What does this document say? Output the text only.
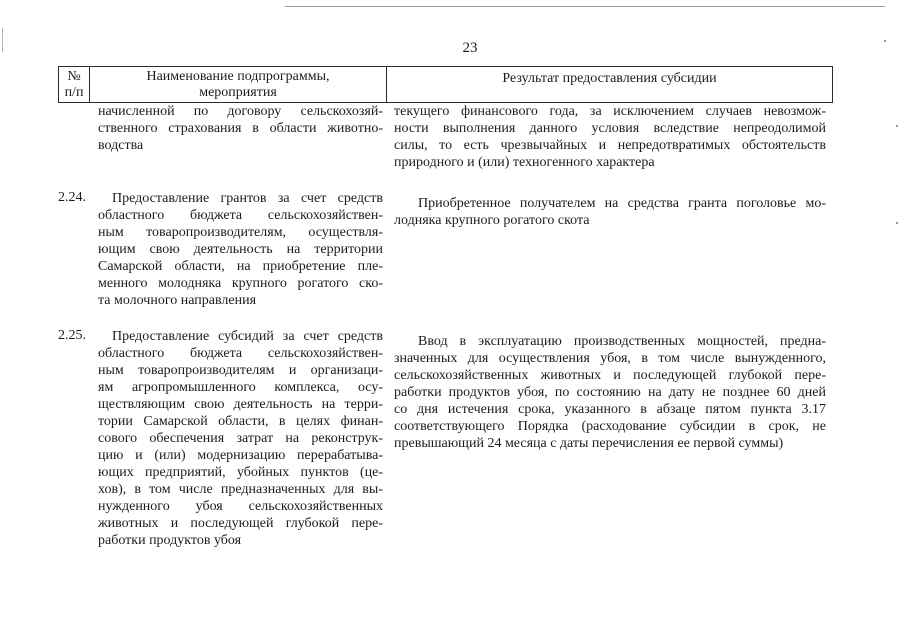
23
№
п/п
Наименование подпрограммы,
мероприятия
Результат предоставления субсидии
начисленной по договору сельскохозяй-
ственного страхования в области животно-
водства
текущего финансового года, за исключением случаев невозмож-
ности выполнения данного условия вследствие непреодолимой
силы, то есть чрезвычайных и непредотвратимых обстоятельств
природного и (или) техногенного характера
2.24.	Предоставление грантов за счет средств
областного бюджета сельскохозяйствен-
ным товаропроизводителям, осуществля-
ющим свою деятельность на территории
Самарской области, на приобретение пле-
менного молодняка крупного рогатого ско-
та молочного направления
Приобретенное получателем на средства гранта поголовье мо-
лодняка крупного рогатого скота
2.25.	Предоставление субсидий за счет средств
областного бюджета сельскохозяйствен-
ным товаропроизводителям и организаци-
ям агропромышленного комплекса, осу-
ществляющим свою деятельность на терри-
тории Самарской области, в целях финан-
сового обеспечения затрат на реконструк-
цию и (или) модернизацию перерабатыва-
ющих предприятий, убойных пунктов (це-
хов), в том числе предназначенных для вы-
нужденного убоя сельскохозяйственных
животных и последующей глубокой пере-
работки продуктов убоя
Ввод в эксплуатацию производственных мощностей, предна-
значенных для осуществления убоя, в том числе вынужденного,
сельскохозяйственных животных и последующей глубокой пере-
работки продуктов убоя, по состоянию на дату не позднее 60 дней
со дня истечения срока, указанного в абзаце пятом пункта 3.17
соответствующего Порядка (расходование субсидии в срок, не
превышающий 24 месяца с даты перечисления ее первой суммы)
